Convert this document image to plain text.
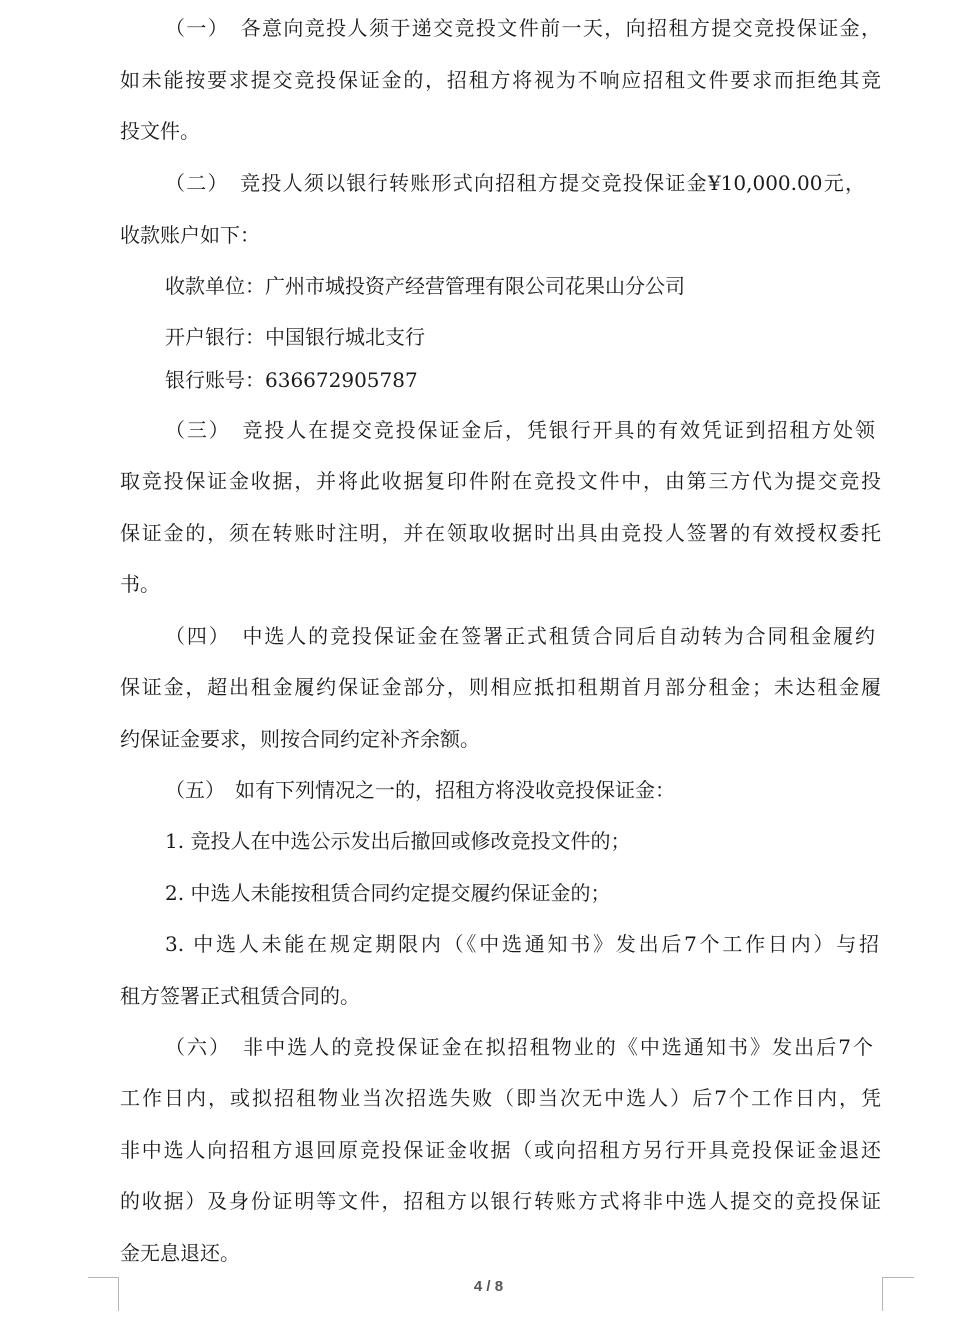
（一）　各意向竞投人须于递交竞投文件前一天，向招租方提交竞投保证金，
如未能按要求提交竞投保证金的，招租方将视为不响应招租文件要求而拒绝其竞
投文件。
（二）　竞投人须以银行转账形式向招租方提交竞投保证金¥10,000.00元，
收款账户如下：
收款单位：广州市城投资产经营管理有限公司花果山分公司
开户银行：中国银行城北支行
银行账号：636672905787
（三）　竞投人在提交竞投保证金后，凭银行开具的有效凭证到招租方处领
取竞投保证金收据，并将此收据复印件附在竞投文件中，由第三方代为提交竞投
保证金的，须在转账时注明，并在领取收据时出具由竞投人签署的有效授权委托
书。
（四）　中选人的竞投保证金在签署正式租赁合同后自动转为合同租金履约
保证金，超出租金履约保证金部分，则相应抵扣租期首月部分租金；未达租金履
约保证金要求，则按合同约定补齐余额。
（五）　如有下列情况之一的，招租方将没收竞投保证金：
1. 竞投人在中选公示发出后撤回或修改竞投文件的；
2. 中选人未能按租赁合同约定提交履约保证金的；
3. 中选人未能在规定期限内（《中选通知书》发出后7个工作日内）与招
租方签署正式租赁合同的。
（六）　非中选人的竞投保证金在拟招租物业的《中选通知书》发出后7个
工作日内，或拟招租物业当次招选失败（即当次无中选人）后7个工作日内，凭
非中选人向招租方退回原竞投保证金收据（或向招租方另行开具竞投保证金退还
的收据）及身份证明等文件，招租方以银行转账方式将非中选人提交的竞投保证
金无息退还。
4 / 8
